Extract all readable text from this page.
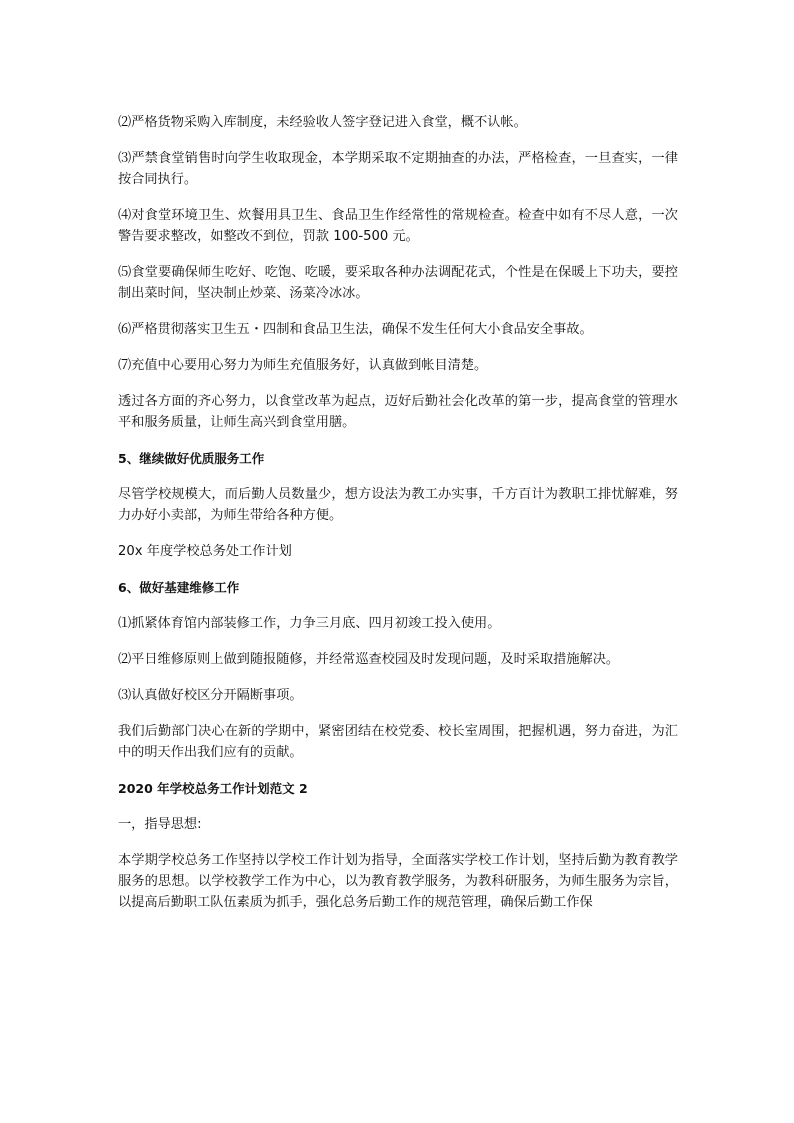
⑵严格货物采购入库制度，未经验收人签字登记进入食堂，概不认帐。

⑶严禁食堂销售时向学生收取现金，本学期采取不定期抽查的办法，严格检查，一旦查实，一律按合同执行。

⑷对食堂环境卫生、炊餐用具卫生、食品卫生作经常性的常规检查。检查中如有不尽人意，一次警告要求整改，如整改不到位，罚款 100-500 元。

⑸食堂要确保师生吃好、吃饱、吃暖，要采取各种办法调配花式，个性是在保暖上下功夫，要控制出菜时间，坚决制止炒菜、汤菜冷冰冰。

⑹严格贯彻落实卫生五・四制和食品卫生法，确保不发生任何大小食品安全事故。

⑺充值中心要用心努力为师生充值服务好，认真做到帐目清楚。

透过各方面的齐心努力，以食堂改革为起点，迈好后勤社会化改革的第一步，提高食堂的管理水平和服务质量，让师生高兴到食堂用膳。

5、继续做好优质服务工作

尽管学校规模大，而后勤人员数量少，想方设法为教工办实事，千方百计为教职工排忧解难，努力办好小卖部，为师生带给各种方便。

20x 年度学校总务处工作计划

6、做好基建维修工作

⑴抓紧体育馆内部装修工作，力争三月底、四月初竣工投入使用。

⑵平日维修原则上做到随报随修，并经常巡查校园及时发现问题，及时采取措施解决。

⑶认真做好校区分开隔断事项。

我们后勤部门决心在新的学期中，紧密团结在校党委、校长室周围，把握机遇，努力奋进，为汇中的明天作出我们应有的贡献。

2020 年学校总务工作计划范文 2

一，指导思想:

本学期学校总务工作坚持以学校工作计划为指导，全面落实学校工作计划，坚持后勤为教育教学服务的思想。以学校教学工作为中心，以为教育教学服务，为教科研服务，为师生服务为宗旨，以提高后勤职工队伍素质为抓手，强化总务后勤工作的规范管理，确保后勤工作保
